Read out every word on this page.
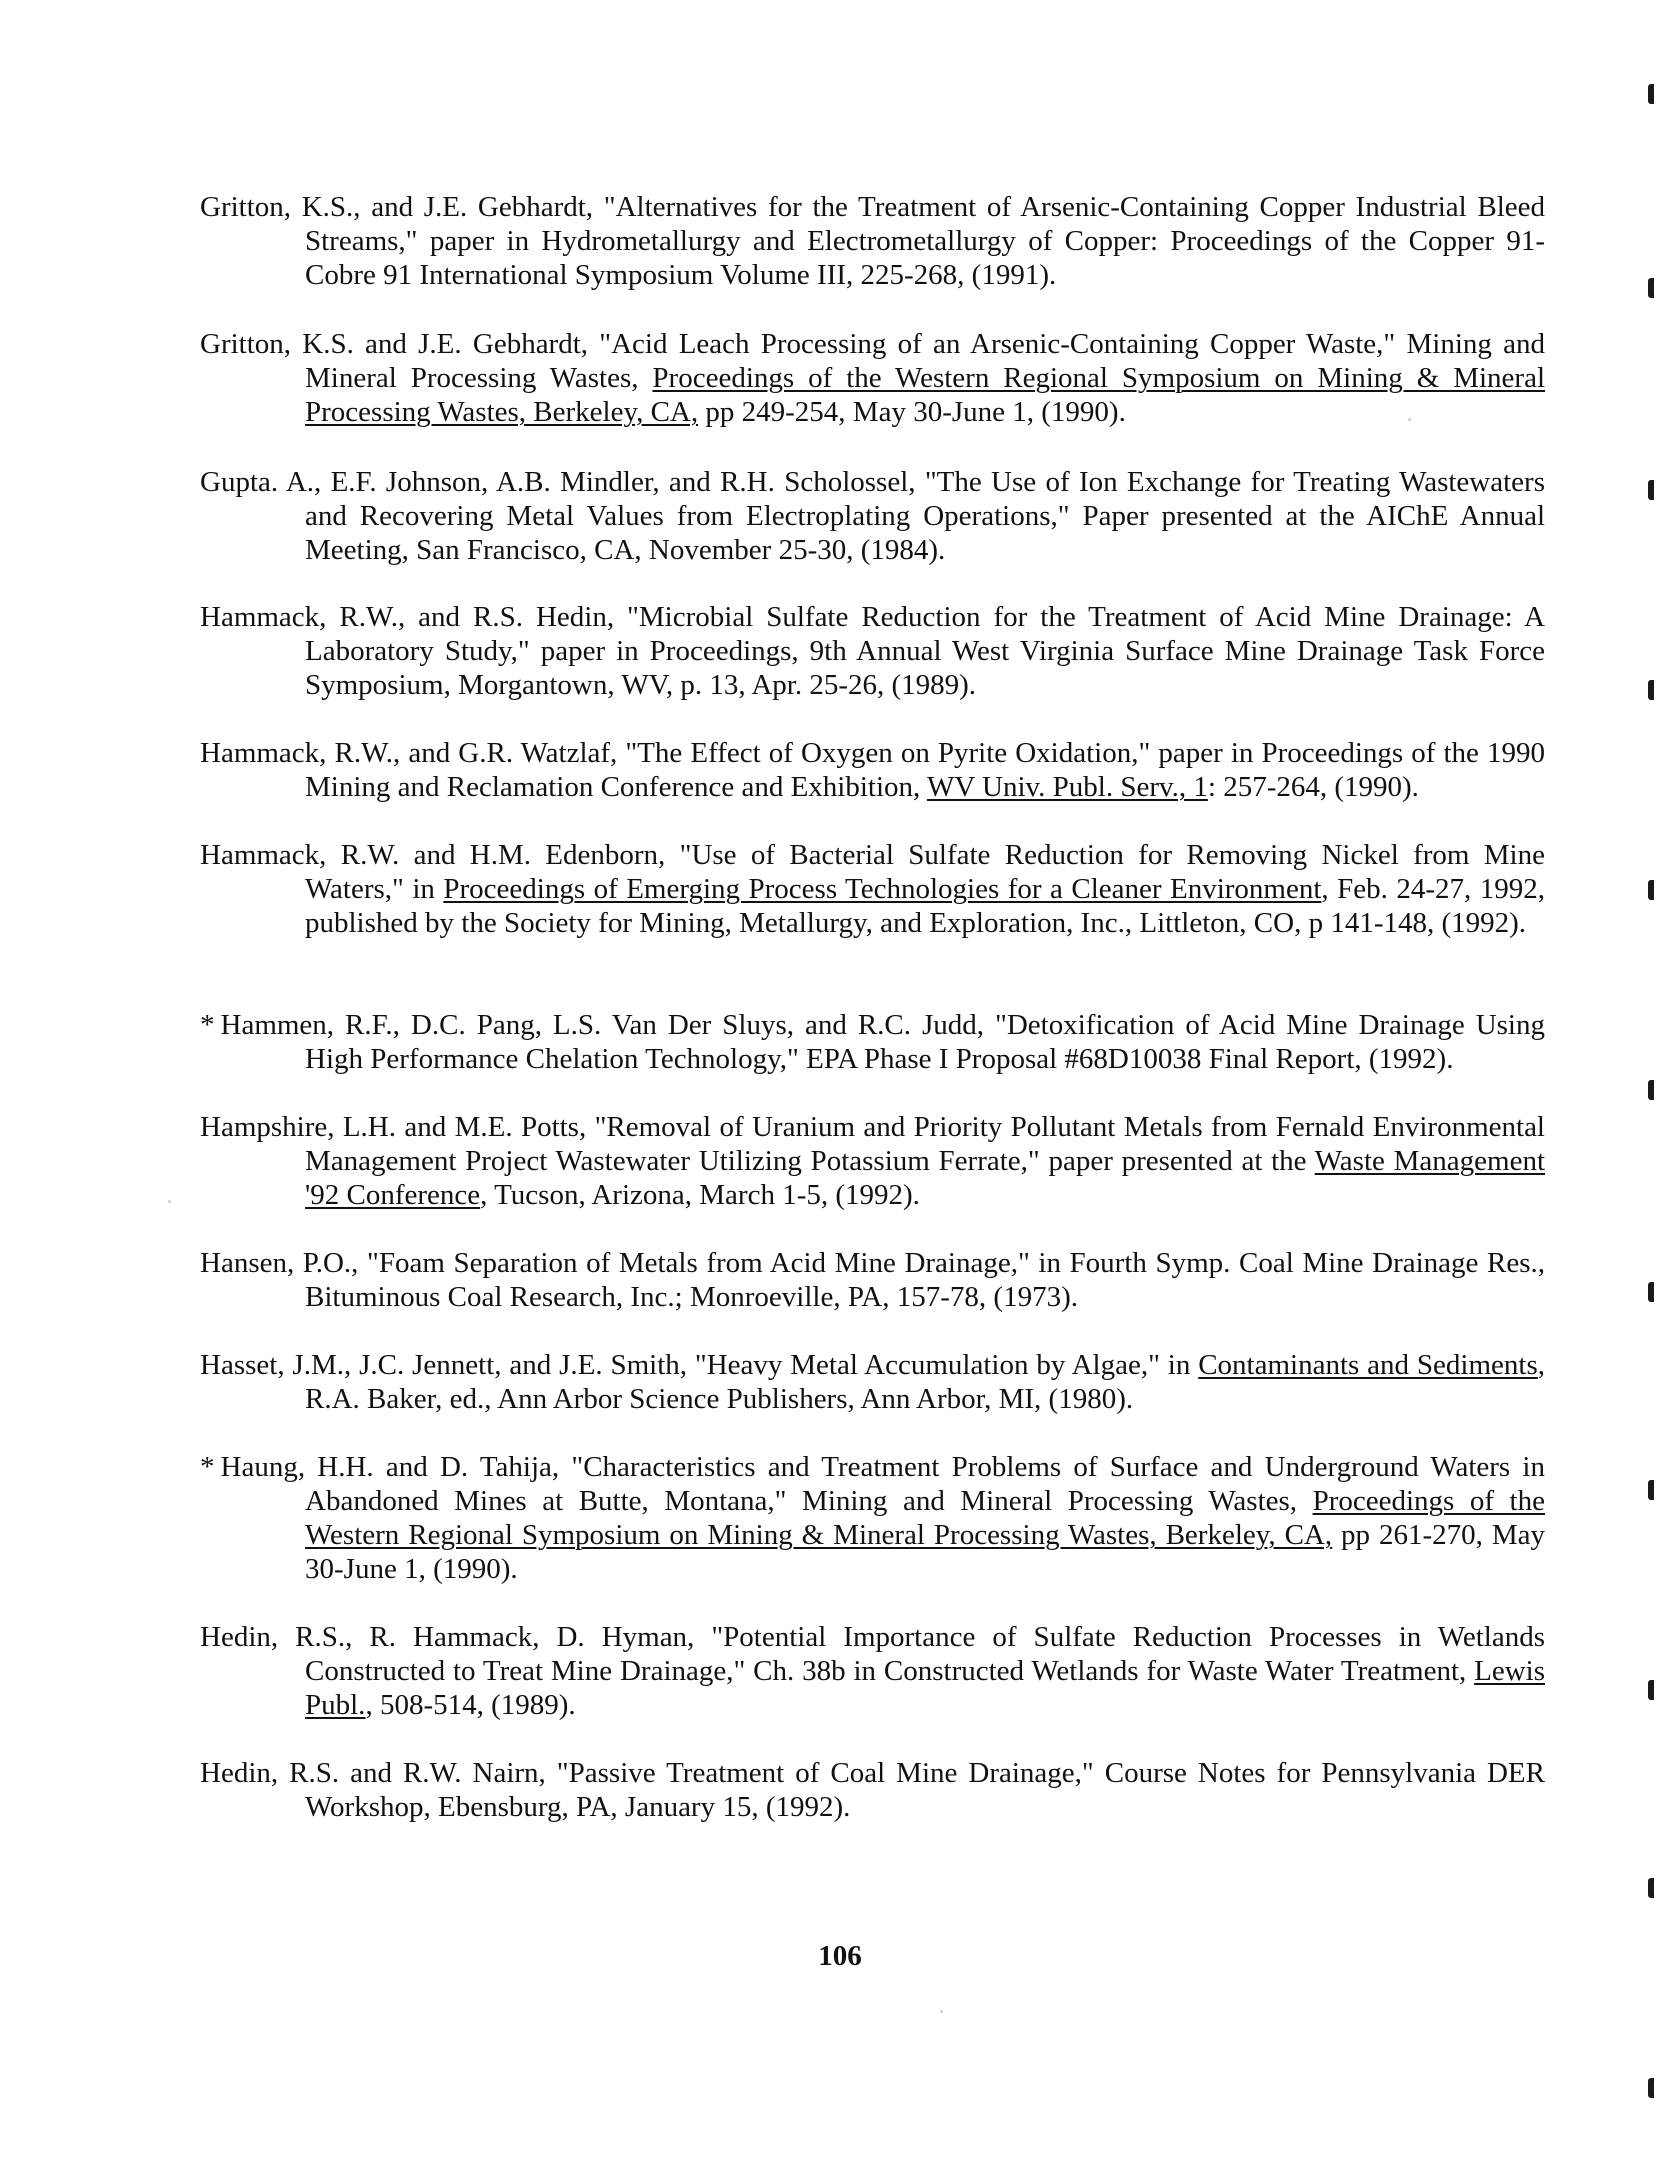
Gritton, K.S., and J.E. Gebhardt, "Alternatives for the Treatment of Arsenic-Containing Copper Industrial Bleed Streams," paper in Hydrometallurgy and Electrometallurgy of Copper: Proceedings of the Copper 91-Cobre 91 International Symposium Volume III, 225-268, (1991).

Gritton, K.S. and J.E. Gebhardt, "Acid Leach Processing of an Arsenic-Containing Copper Waste," Mining and Mineral Processing Wastes, Proceedings of the Western Regional Symposium on Mining & Mineral Processing Wastes, Berkeley, CA, pp 249-254, May 30-June 1, (1990).

Gupta. A., E.F. Johnson, A.B. Mindler, and R.H. Scholossel, "The Use of Ion Exchange for Treating Wastewaters and Recovering Metal Values from Electroplating Operations," Paper presented at the AIChE Annual Meeting, San Francisco, CA, November 25-30, (1984).

Hammack, R.W., and R.S. Hedin, "Microbial Sulfate Reduction for the Treatment of Acid Mine Drainage: A Laboratory Study," paper in Proceedings, 9th Annual West Virginia Surface Mine Drainage Task Force Symposium, Morgantown, WV, p. 13, Apr. 25-26, (1989).

Hammack, R.W., and G.R. Watzlaf, "The Effect of Oxygen on Pyrite Oxidation," paper in Proceedings of the 1990 Mining and Reclamation Conference and Exhibition, WV Univ. Publ. Serv., 1: 257-264, (1990).

Hammack, R.W. and H.M. Edenborn, "Use of Bacterial Sulfate Reduction for Removing Nickel from Mine Waters," in Proceedings of Emerging Process Technologies for a Cleaner Environment, Feb. 24-27, 1992, published by the Society for Mining, Metallurgy, and Exploration, Inc., Littleton, CO, p 141-148, (1992).

* Hammen, R.F., D.C. Pang, L.S. Van Der Sluys, and R.C. Judd, "Detoxification of Acid Mine Drainage Using High Performance Chelation Technology," EPA Phase I Proposal #68D10038 Final Report, (1992).

Hampshire, L.H. and M.E. Potts, "Removal of Uranium and Priority Pollutant Metals from Fernald Environmental Management Project Wastewater Utilizing Potassium Ferrate," paper presented at the Waste Management '92 Conference, Tucson, Arizona, March 1-5, (1992).

Hansen, P.O., "Foam Separation of Metals from Acid Mine Drainage," in Fourth Symp. Coal Mine Drainage Res., Bituminous Coal Research, Inc.; Monroeville, PA, 157-78, (1973).

Hasset, J.M., J.C. Jennett, and J.E. Smith, "Heavy Metal Accumulation by Algae," in Contaminants and Sediments, R.A. Baker, ed., Ann Arbor Science Publishers, Ann Arbor, MI, (1980).

* Haung, H.H. and D. Tahija, "Characteristics and Treatment Problems of Surface and Underground Waters in Abandoned Mines at Butte, Montana," Mining and Mineral Processing Wastes, Proceedings of the Western Regional Symposium on Mining & Mineral Processing Wastes, Berkeley, CA, pp 261-270, May 30-June 1, (1990).

Hedin, R.S., R. Hammack, D. Hyman, "Potential Importance of Sulfate Reduction Processes in Wetlands Constructed to Treat Mine Drainage," Ch. 38b in Constructed Wetlands for Waste Water Treatment, Lewis Publ., 508-514, (1989).

Hedin, R.S. and R.W. Nairn, "Passive Treatment of Coal Mine Drainage," Course Notes for Pennsylvania DER Workshop, Ebensburg, PA, January 15, (1992).

106
